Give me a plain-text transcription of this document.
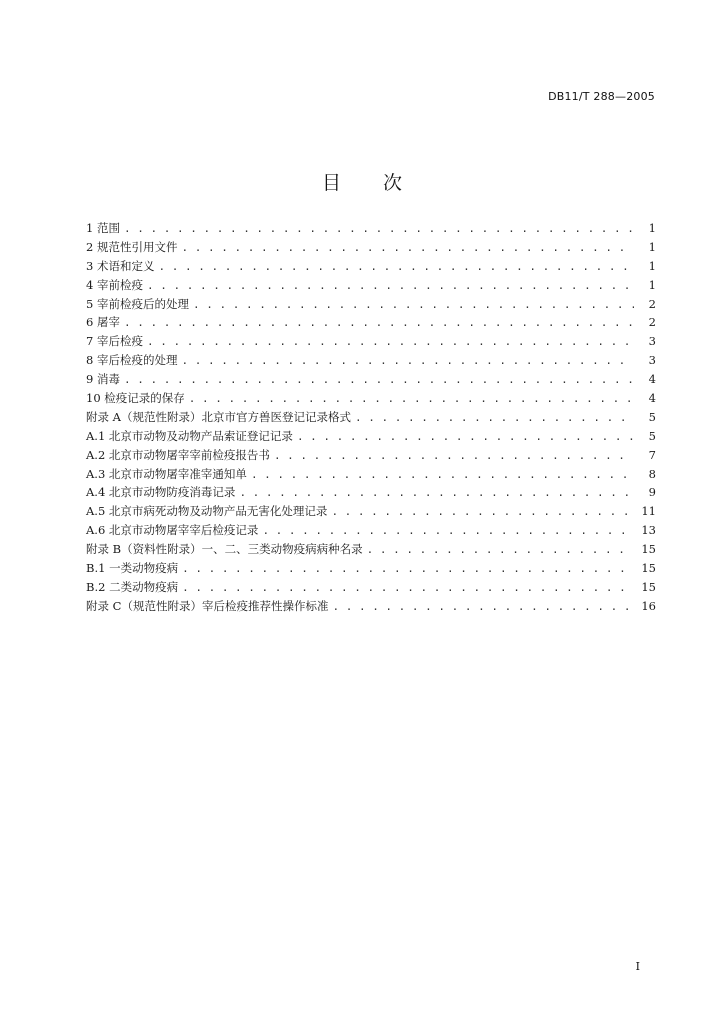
DB11/T 288—2005
目 次
1 范围 . . .	1
2 规范性引用文件 . . .	1
3 术语和定义 . . .	1
4 宰前检疫 . . .	1
5 宰前检疫后的处理 . . .	2
6 屠宰 . . .	2
7 宰后检疫 . . .	3
8 宰后检疫的处理 . . .	3
9 消毒 . . .	4
10 检疫记录的保存 . . .	4
附录 A（规范性附录）北京市官方兽医登记记录格式 . . .	5
A.1 北京市动物及动物产品索证登记记录 . . .	5
A.2 北京市动物屠宰宰前检疫报告书 . . .	7
A.3 北京市动物屠宰准宰通知单 . . .	8
A.4 北京市动物防疫消毒记录 . . .	9
A.5 北京市病死动物及动物产品无害化处理记录 . . .	11
A.6 北京市动物屠宰宰后检疫记录 . . .	13
附录 B（资料性附录）一、二、三类动物疫病病种名录 . . .	15
B.1 一类动物疫病 . . .	15
B.2 二类动物疫病 . . .	15
附录 C（规范性附录）宰后检疫推荐性操作标准 . . .	16
I
